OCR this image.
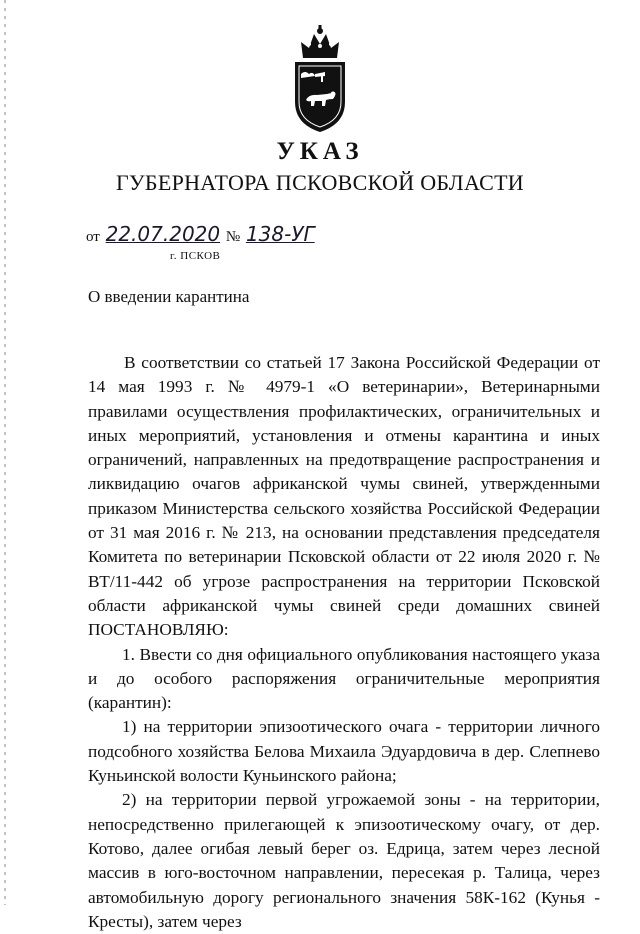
УКАЗ
ГУБЕРНАТОРА ПСКОВСКОЙ ОБЛАСТИ
от 22.07.2020 № 138-УГ
г. ПСКОВ
О введении карантина

В соответствии со статьей 17 Закона Российской Федерации от 14 мая 1993 г. № 4979-1 «О ветеринарии», Ветеринарными правилами осуществления профилактических, ограничительных и иных мероприятий, установления и отмены карантина и иных ограничений, направленных на предотвращение распространения и ликвидацию очагов африканской чумы свиней, утвержденными приказом Министерства сельского хозяйства Российской Федерации от 31 мая 2016 г. № 213, на основании представления председателя Комитета по ветеринарии Псковской области от 22 июля 2020 г. № ВТ/11-442 об угрозе распространения на территории Псковской области африканской чумы свиней среди домашних свиней ПОСТАНОВЛЯЮ:

1. Ввести со дня официального опубликования настоящего указа и до особого распоряжения ограничительные мероприятия (карантин):

1) на территории эпизоотического очага - территории личного подсобного хозяйства Белова Михаила Эдуардовича в дер. Слепнево Куньинской волости Куньинского района;

2) на территории первой угрожаемой зоны - на территории, непосредственно прилегающей к эпизоотическому очагу, от дер. Котово, далее огибая левый берег оз. Едрица, затем через лесной массив в юго-восточном направлении, пересекая р. Талица, через автомобильную дорогу регионального значения 58К-162 (Кунья - Кресты), затем через
